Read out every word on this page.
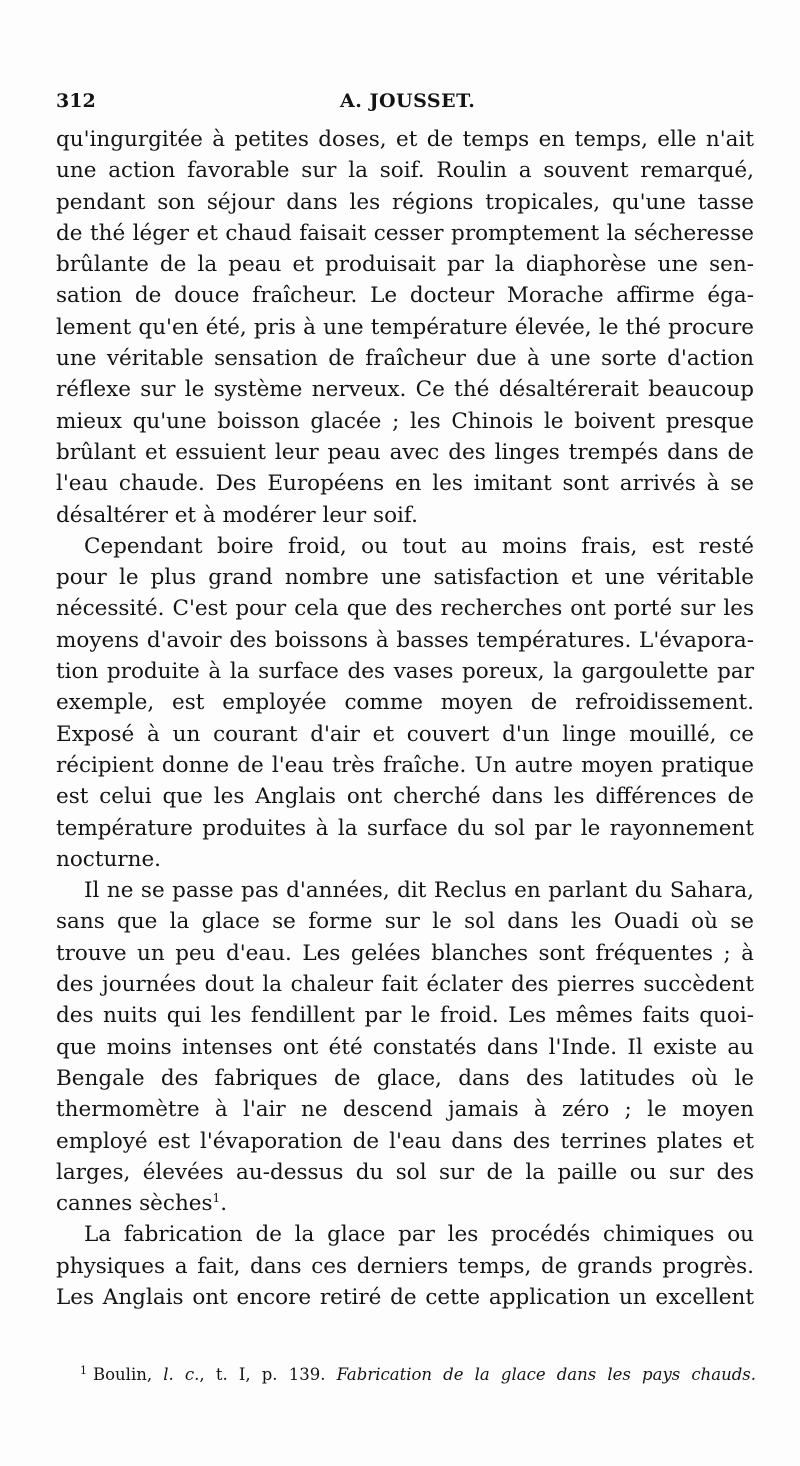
312	A. JOUSSET.
qu'ingurgitée à petites doses, et de temps en temps, elle n'ait
une action favorable sur la soif. Roulin a souvent remarqué,
pendant son séjour dans les régions tropicales, qu'une tasse
de thé léger et chaud faisait cesser promptement la sécheresse
brûlante de la peau et produisait par la diaphorèse une sen-
sation de douce fraîcheur. Le docteur Morache affirme éga-
lement qu'en été, pris à une température élevée, le thé procure
une véritable sensation de fraîcheur due à une sorte d'action
réflexe sur le système nerveux. Ce thé désaltérerait beaucoup
mieux qu'une boisson glacée ; les Chinois le boivent presque
brûlant et essuient leur peau avec des linges trempés dans de
l'eau chaude. Des Européens en les imitant sont arrivés à se
désaltérer et à modérer leur soif.
Cependant boire froid, ou tout au moins frais, est resté
pour le plus grand nombre une satisfaction et une véritable
nécessité. C'est pour cela que des recherches ont porté sur les
moyens d'avoir des boissons à basses températures. L'évapora-
tion produite à la surface des vases poreux, la gargoulette par
exemple, est employée comme moyen de refroidissement.
Exposé à un courant d'air et couvert d'un linge mouillé, ce
récipient donne de l'eau très fraîche. Un autre moyen pratique
est celui que les Anglais ont cherché dans les différences de
température produites à la surface du sol par le rayonnement
nocturne.
Il ne se passe pas d'années, dit Reclus en parlant du Sahara,
sans que la glace se forme sur le sol dans les Ouadi où se
trouve un peu d'eau. Les gelées blanches sont fréquentes ; à
des journées dout la chaleur fait éclater des pierres succèdent
des nuits qui les fendillent par le froid. Les mêmes faits quoi-
que moins intenses ont été constatés dans l'Inde. Il existe au
Bengale des fabriques de glace, dans des latitudes où le
thermomètre à l'air ne descend jamais à zéro ; le moyen
employé est l'évaporation de l'eau dans des terrines plates et
larges, élevées au-dessus du sol sur de la paille ou sur des
cannes sèches$^1$.
La fabrication de la glace par les procédés chimiques ou
physiques a fait, dans ces derniers temps, de grands progrès.
Les Anglais ont encore retiré de cette application un excellent
$^1$ Boulin, l. c., t. I, p. 139. Fabrication de la glace dans les pays chauds.
